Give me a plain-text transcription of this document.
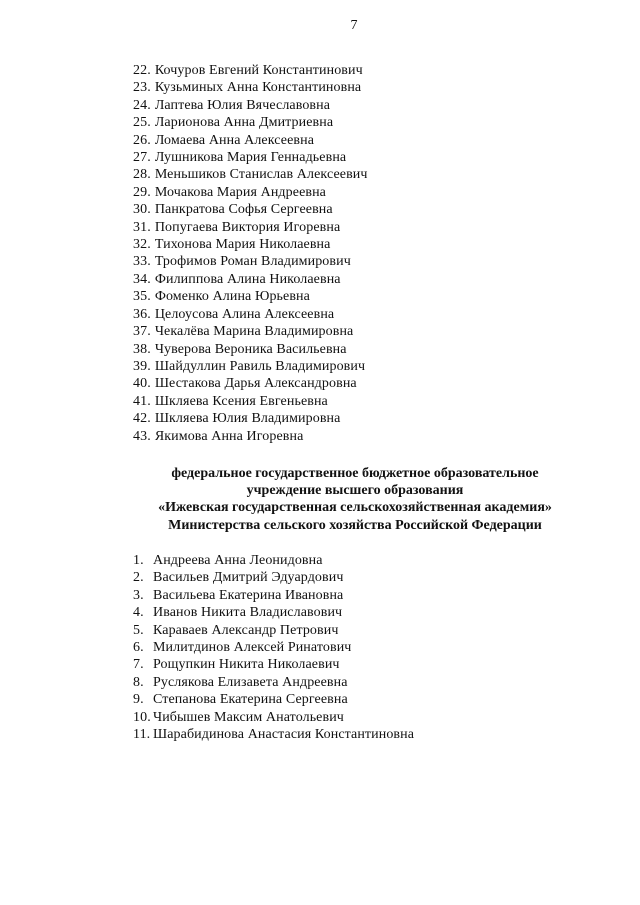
7
22. Кочуров Евгений Константинович
23. Кузьминых Анна Константиновна
24. Лаптева Юлия Вячеславовна
25. Ларионова Анна Дмитриевна
26. Ломаева Анна Алексеевна
27. Лушникова Мария Геннадьевна
28. Меньшиков Станислав Алексеевич
29. Мочакова Мария Андреевна
30. Панкратова Софья Сергеевна
31. Попугаева Виктория Игоревна
32. Тихонова Мария Николаевна
33. Трофимов Роман Владимирович
34. Филиппова Алина Николаевна
35. Фоменко Алина Юрьевна
36. Целоусова Алина Алексеевна
37. Чекалёва Марина Владимировна
38. Чуверова Вероника Васильевна
39. Шайдуллин Равиль Владимирович
40. Шестакова Дарья Александровна
41. Шкляева Ксения Евгеньевна
42. Шкляева Юлия Владимировна
43. Якимова Анна Игоревна
федеральное государственное бюджетное образовательное
учреждение высшего образования
«Ижевская государственная сельскохозяйственная академия»
Министерства сельского хозяйства Российской Федерации
1. Андреева Анна Леонидовна
2. Васильев Дмитрий Эдуардович
3. Васильева Екатерина Ивановна
4. Иванов Никита Владиславович
5. Караваев Александр Петрович
6. Милитдинов Алексей Ринатович
7. Рощупкин Никита Николаевич
8. Руслякова Елизавета Андреевна
9. Степанова Екатерина Сергеевна
10. Чибышев Максим Анатольевич
11. Шарабидинова Анастасия Константиновна
